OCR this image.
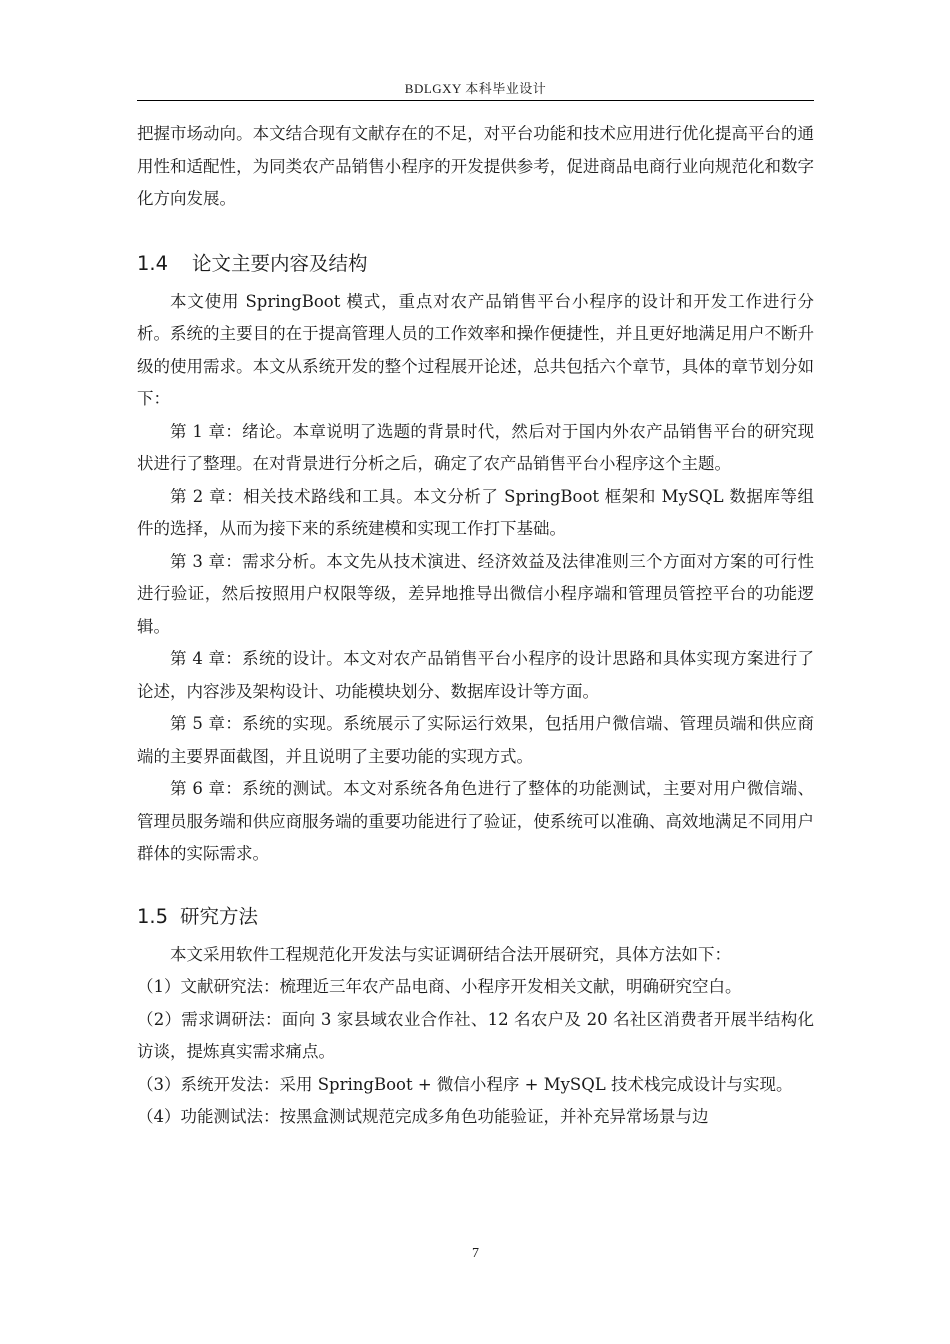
BDLGXY 本科毕业设计

把握市场动向。本文结合现有文献存在的不足，对平台功能和技术应用进行优化提高平台的通用性和适配性，为同类农产品销售小程序的开发提供参考，促进商品电商行业向规范化和数字化方向发展。

1.4 论文主要内容及结构

本文使用 SpringBoot 模式，重点对农产品销售平台小程序的设计和开发工作进行分析。系统的主要目的在于提高管理人员的工作效率和操作便捷性，并且更好地满足用户不断升级的使用需求。本文从系统开发的整个过程展开论述，总共包括六个章节，具体的章节划分如下：

第 1 章：绪论。本章说明了选题的背景时代，然后对于国内外农产品销售平台的研究现状进行了整理。在对背景进行分析之后，确定了农产品销售平台小程序这个主题。

第 2 章：相关技术路线和工具。本文分析了 SpringBoot 框架和 MySQL 数据库等组件的选择，从而为接下来的系统建模和实现工作打下基础。

第 3 章：需求分析。本文先从技术演进、经济效益及法律准则三个方面对方案的可行性进行验证，然后按照用户权限等级，差异地推导出微信小程序端和管理员管控平台的功能逻辑。

第 4 章：系统的设计。本文对农产品销售平台小程序的设计思路和具体实现方案进行了论述，内容涉及架构设计、功能模块划分、数据库设计等方面。

第 5 章：系统的实现。系统展示了实际运行效果，包括用户微信端、管理员端和供应商端的主要界面截图，并且说明了主要功能的实现方式。

第 6 章：系统的测试。本文对系统各角色进行了整体的功能测试，主要对用户微信端、管理员服务端和供应商服务端的重要功能进行了验证，使系统可以准确、高效地满足不同用户群体的实际需求。

1.5 研究方法

本文采用软件工程规范化开发法与实证调研结合法开展研究，具体方法如下：

（1）文献研究法：梳理近三年农产品电商、小程序开发相关文献，明确研究空白。

（2）需求调研法：面向 3 家县域农业合作社、12 名农户及 20 名社区消费者开展半结构化访谈，提炼真实需求痛点。

（3）系统开发法：采用 SpringBoot + 微信小程序 + MySQL 技术栈完成设计与实现。

（4）功能测试法：按黑盒测试规范完成多角色功能验证，并补充异常场景与边

7
